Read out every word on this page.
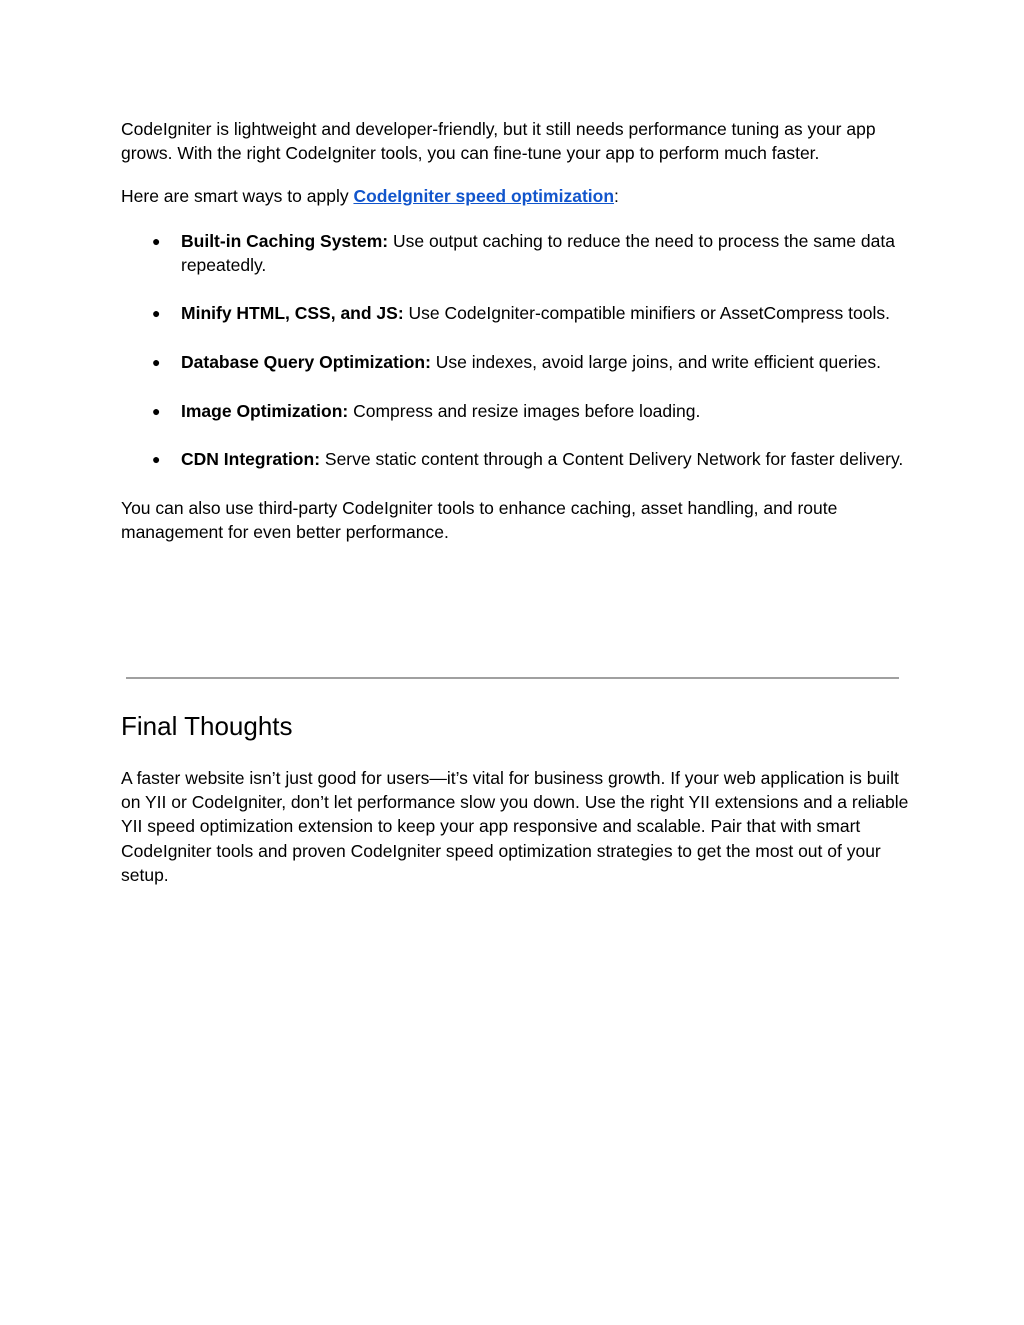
CodeIgniter is lightweight and developer-friendly, but it still needs performance tuning as your app grows. With the right CodeIgniter tools, you can fine-tune your app to perform much faster.

Here are smart ways to apply CodeIgniter speed optimization:

● Built-in Caching System: Use output caching to reduce the need to process the same data repeatedly.
● Minify HTML, CSS, and JS: Use CodeIgniter-compatible minifiers or AssetCompress tools.
● Database Query Optimization: Use indexes, avoid large joins, and write efficient queries.
● Image Optimization: Compress and resize images before loading.
● CDN Integration: Serve static content through a Content Delivery Network for faster delivery.

You can also use third-party CodeIgniter tools to enhance caching, asset handling, and route management for even better performance.

Final Thoughts

A faster website isn’t just good for users—it’s vital for business growth. If your web application is built on YII or CodeIgniter, don’t let performance slow you down. Use the right YII extensions and a reliable YII speed optimization extension to keep your app responsive and scalable. Pair that with smart CodeIgniter tools and proven CodeIgniter speed optimization strategies to get the most out of your setup.
